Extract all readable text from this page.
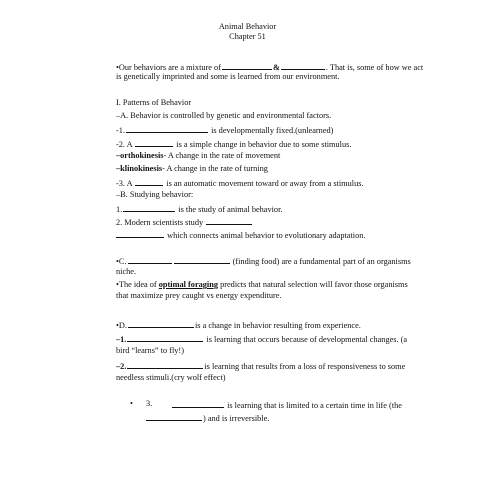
Animal Behavior
Chapter 51
•Our behaviors are a mixture of	&	. That is, some of how we act
is genetically imprinted and some is learned from our environment.
I. Patterns of Behavior
–A. Behavior is controlled by genetic and environmental factors.
-1.	is developmentally fixed.(unlearned)
-2. A	is a simple change in behavior due to some stimulus.
–orthokinesis- A change in the rate of movement
–klinokinesis- A change in the rate of turning
-3. A	is an automatic movement toward or away from a stimulus.
–B. Studying behavior:
1.	is the study of animal behavior.
2. Modern scientists study
which connects animal behavior to evolutionary adaptation.
•C.	(finding food) are a fundamental part of an organisms
niche.
•The idea of optimal foraging predicts that natural selection will favor those organisms
that maximize prey caught vs energy expenditure.
•D.	is a change in behavior resulting from experience.
–1.	is learning that occurs because of developmental changes. (a
bird “learns” to fly!)
–2.	is learning that results from a loss of responsiveness to some
needless stimuli.(cry wolf effect)
• 3.	is learning that is limited to a certain time in life (the
) and is irreversible.
